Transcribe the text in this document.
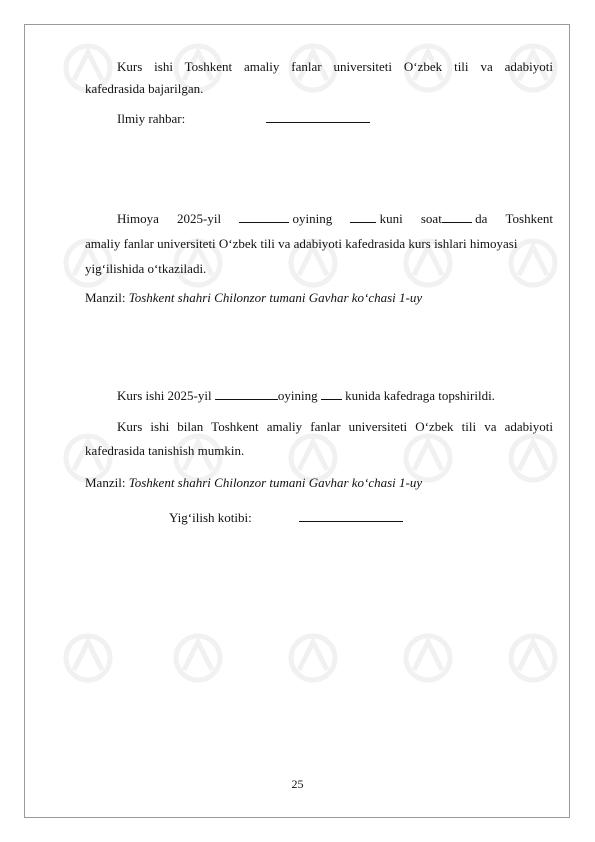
Kurs ishi Toshkent amaliy fanlar universiteti O‘zbek tili va adabiyoti
kafedrasida bajarilgan.
Ilmiy rahbar:
Himoya 2025-yil	oyining	kuni soat	da Toshkent
amaliy fanlar universiteti O‘zbek tili va adabiyoti kafedrasida kurs ishlari himoyasi
yig‘ilishida o‘tkaziladi.
Manzil: Toshkent shahri Chilonzor tumani Gavhar ko‘chasi 1-uy
Kurs ishi 2025-yil	oyining kunida kafedraga topshirildi.
Kurs ishi bilan Toshkent amaliy fanlar universiteti O‘zbek tili va adabiyoti
kafedrasida tanishish mumkin.
Manzil: Toshkent shahri Chilonzor tumani Gavhar ko‘chasi 1-uy
Yig‘ilish kotibi:
25
